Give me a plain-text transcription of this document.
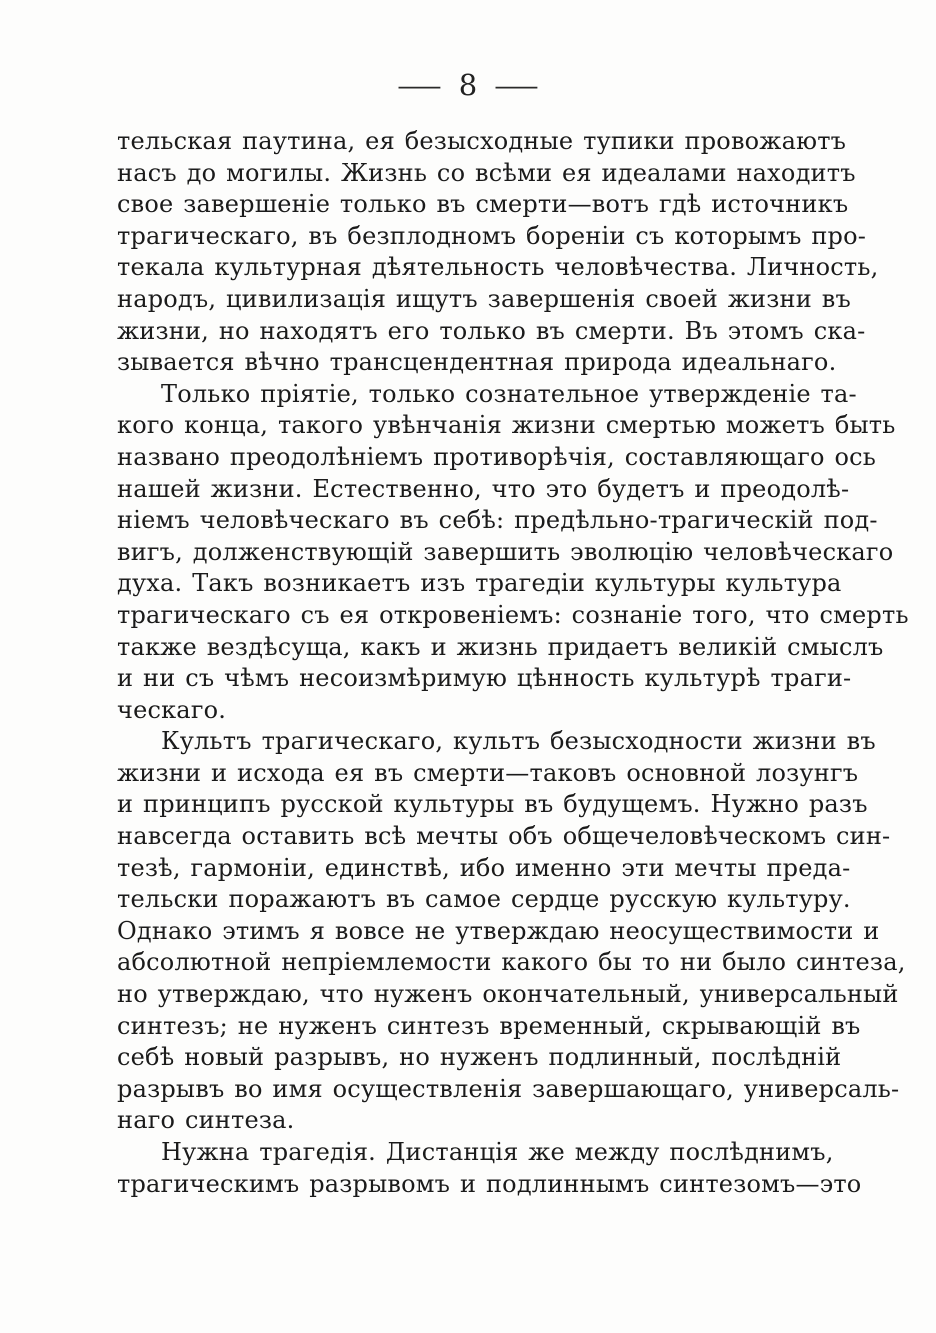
— 8 —
тельская паутина, ея безысходные тупики провожаютъ
насъ до могилы. Жизнь со всѣми ея идеалами находитъ
свое завершеніе только въ смерти—вотъ гдѣ источникъ
трагическаго, въ безплодномъ бореніи съ которымъ про-
текала культурная дѣятельность человѣчества. Личность,
народъ, цивилизація ищутъ завершенія своей жизни въ
жизни, но находятъ его только въ смерти. Въ этомъ ска-
зывается вѣчно трансцендентная природа идеальнаго.
Только пріятіе, только сознательное утвержденіе та-
кого конца, такого увѣнчанія жизни смертью можетъ быть
названо преодолѣніемъ противорѣчія, составляющаго ось
нашей жизни. Естественно, что это будетъ и преодолѣ-
ніемъ человѣческаго въ себѣ: предѣльно-трагическій под-
вигъ, долженствующій завершить эволюцію человѣческаго
духа. Такъ возникаетъ изъ трагедіи культуры культура
трагическаго съ ея откровеніемъ: сознаніе того, что смерть
также вездѣсуща, какъ и жизнь придаетъ великій смыслъ
и ни съ чѣмъ несоизмѣримую цѣнность культурѣ траги-
ческаго.
Культъ трагическаго, культъ безысходности жизни въ
жизни и исхода ея въ смерти—таковъ основной лозунгъ
и принципъ русской культуры въ будущемъ. Нужно разъ
навсегда оставить всѣ мечты объ общечеловѣческомъ син-
тезѣ, гармоніи, единствѣ, ибо именно эти мечты преда-
тельски поражаютъ въ самое сердце русскую культуру.
Однако этимъ я вовсе не утверждаю неосуществимости и
абсолютной непріемлемости какого бы то ни было синтеза,
но утверждаю, что нуженъ окончательный, универсальный
синтезъ; не нуженъ синтезъ временный, скрывающій въ
себѣ новый разрывъ, но нуженъ подлинный, послѣдній
разрывъ во имя осуществленія завершающаго, универсаль-
наго синтеза.
Нужна трагедія. Дистанція же между послѣднимъ,
трагическимъ разрывомъ и подлиннымъ синтезомъ—это
